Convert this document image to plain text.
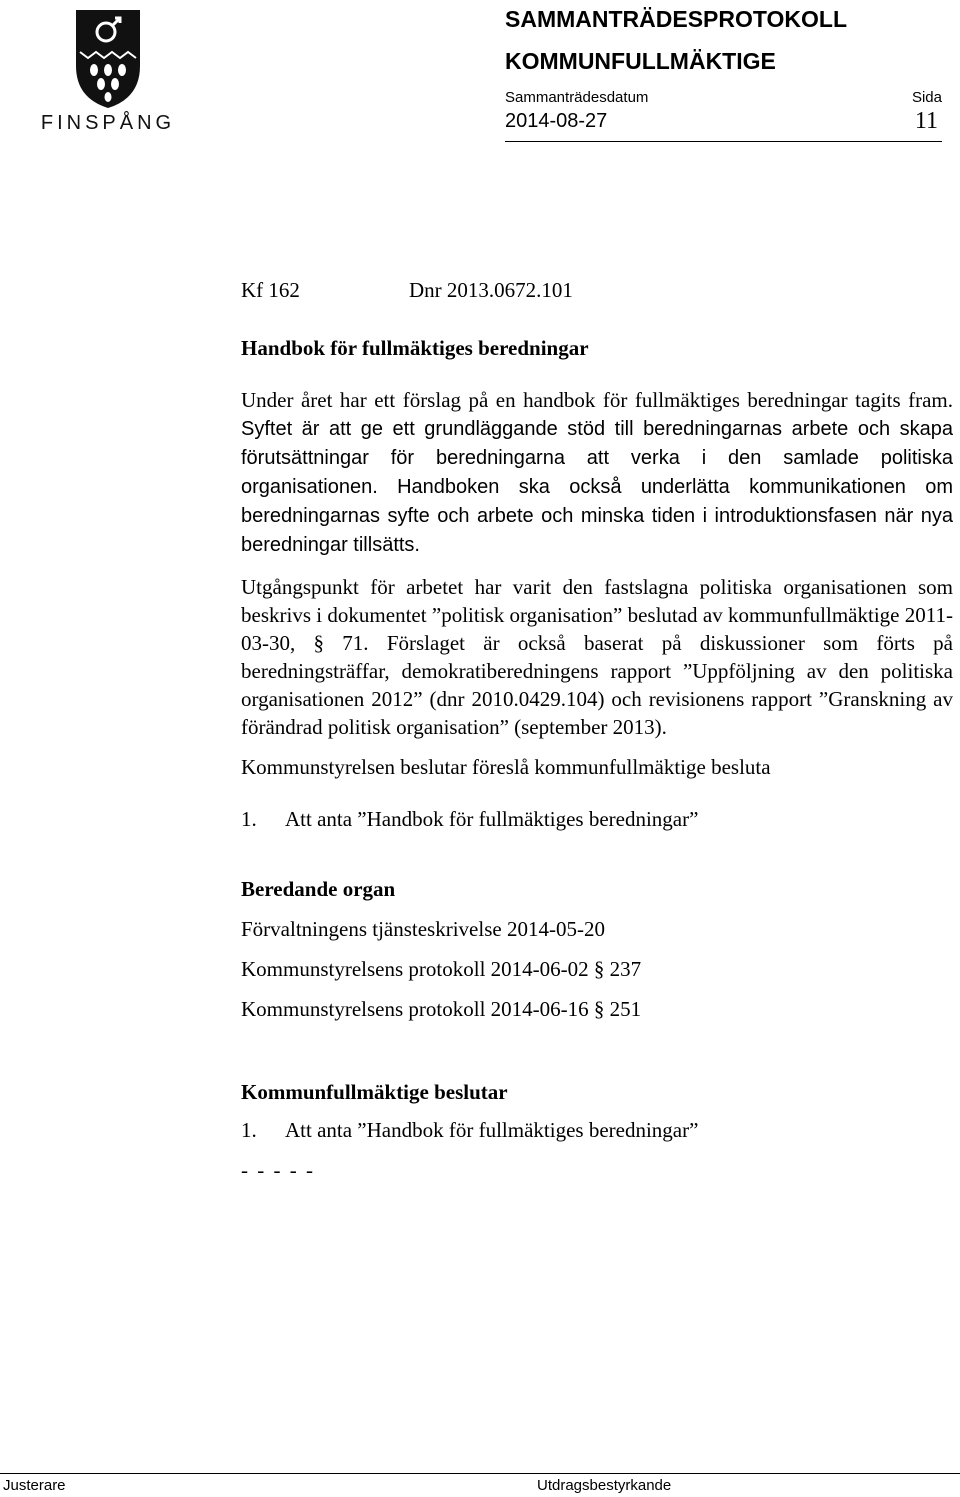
FINSPÅNG
SAMMANTRÄDESPROTOKOLL
KOMMUNFULLMÄKTIGE
Sammanträdesdatum	Sida
2014-08-27	11
Kf 162	Dnr 2013.0672.101

Handbok för fullmäktiges beredningar

Under året har ett förslag på en handbok för fullmäktiges beredningar tagits fram. Syftet är att ge ett grundläggande stöd till beredningarnas arbete och skapa förutsättningar för beredningarna att verka i den samlade politiska organisationen. Handboken ska också underlätta kommunikationen om beredningarnas syfte och arbete och minska tiden i introduktionsfasen när nya beredningar tillsätts.

Utgångspunkt för arbetet har varit den fastslagna politiska organisationen som beskrivs i dokumentet ”politisk organisation” beslutad av kommunfullmäktige 2011-03-30, § 71. Förslaget är också baserat på diskussioner som förts på beredningsträffar, demokratiberedningens rapport ”Uppföljning av den politiska organisationen 2012” (dnr 2010.0429.104) och revisionens rapport ”Granskning av förändrad politisk organisation” (september 2013).

Kommunstyrelsen beslutar föreslå kommunfullmäktige besluta

1. Att anta ”Handbok för fullmäktiges beredningar”

Beredande organ

Förvaltningens tjänsteskrivelse 2014-05-20

Kommunstyrelsens protokoll 2014-06-02 § 237

Kommunstyrelsens protokoll 2014-06-16 § 251

Kommunfullmäktige beslutar

1. Att anta ”Handbok för fullmäktiges beredningar”

- - - - -

Justerare	Utdragsbestyrkande
